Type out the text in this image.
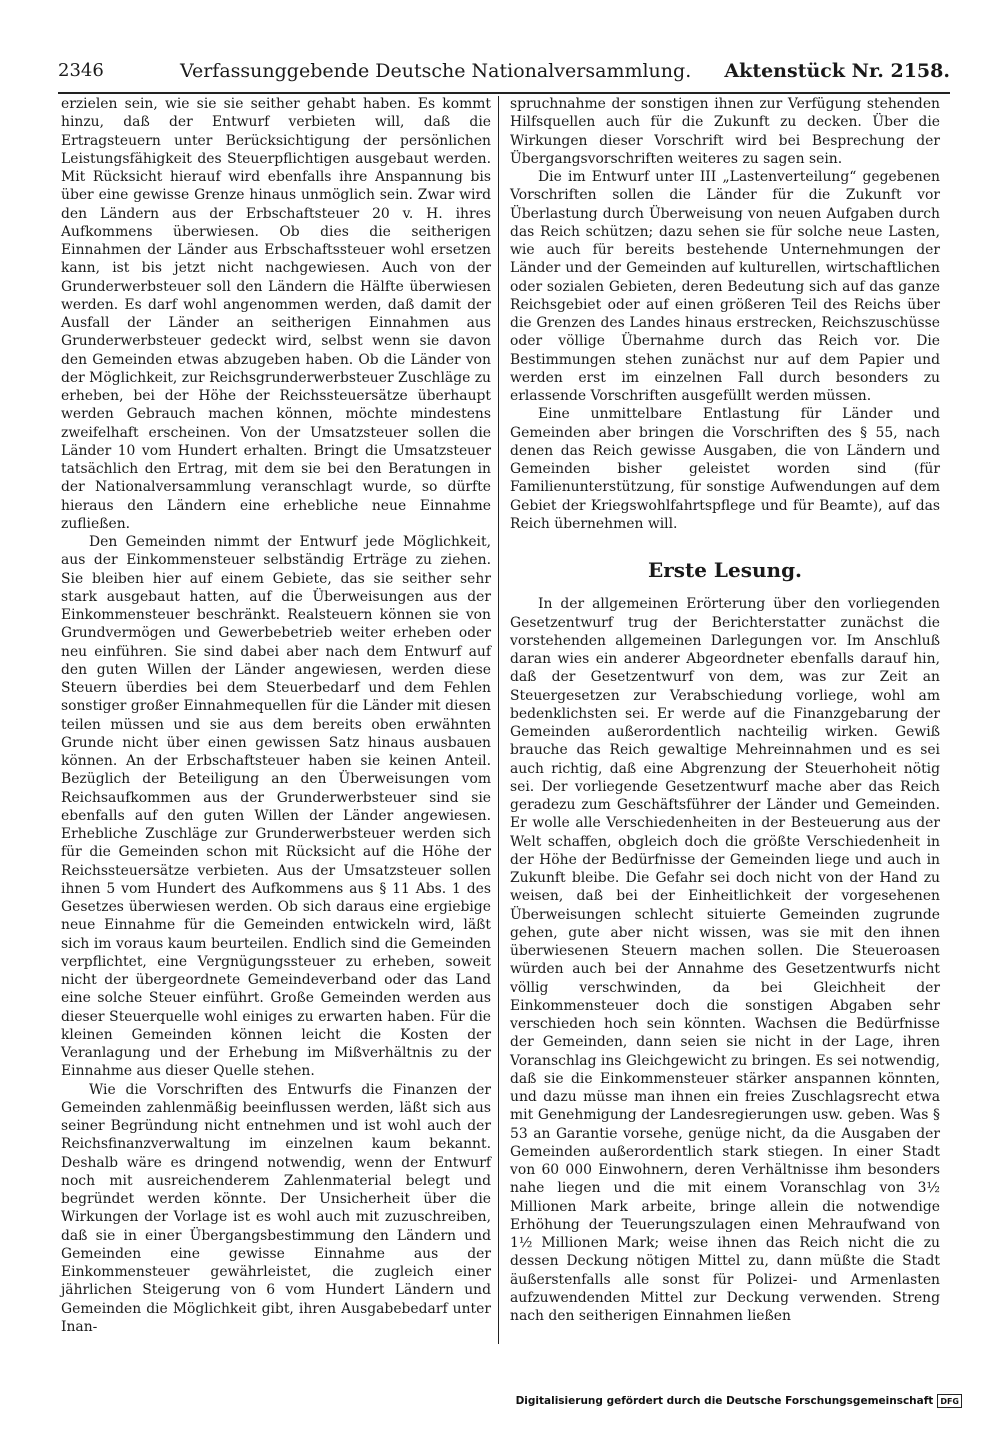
2346	Verfassunggebende Deutsche Nationalversammlung. Aktenstück Nr. 2158.

erzielen sein, wie sie sie seither gehabt haben. Es kommt hinzu, daß der Entwurf verbieten will, daß die Ertragsteuern unter Berücksichtigung der persönlichen Leistungsfähigkeit des Steuerpflichtigen ausgebaut werden. Mit Rücksicht hierauf wird ebenfalls ihre Anspannung bis über eine gewisse Grenze hinaus unmöglich sein. Zwar wird den Ländern aus der Erbschaftsteuer 20 v. H. ihres Aufkommens überwiesen. Ob dies die seitherigen Einnahmen der Länder aus Erbschaftssteuer wohl ersetzen kann, ist bis jetzt nicht nachgewiesen. Auch von der Grunderwerbsteuer soll den Ländern die Hälfte überwiesen werden. Es darf wohl angenommen werden, daß damit der Ausfall der Länder an seitherigen Einnahmen aus Grunderwerbsteuer gedeckt wird, selbst wenn sie davon den Gemeinden etwas abzugeben haben. Ob die Länder von der Möglichkeit, zur Reichsgrunderwerbsteuer Zuschläge zu erheben, bei der Höhe der Reichssteuersätze überhaupt werden Gebrauch machen können, möchte mindestens zweifelhaft erscheinen. Von der Umsatzsteuer sollen die Länder 10 vom Hundert erhalten. Bringt die Umsatzsteuer tatsächlich den Ertrag, mit dem sie bei den Beratungen in der Nationalversammlung veranschlagt wurde, so dürfte hieraus den Ländern eine erhebliche neue Einnahme zufließen.

Den Gemeinden nimmt der Entwurf jede Möglichkeit, aus der Einkommensteuer selbständig Erträge zu ziehen. Sie bleiben hier auf einem Gebiete, das sie seither sehr stark ausgebaut hatten, auf die Überweisungen aus der Einkommensteuer beschränkt. Realsteuern können sie von Grundvermögen und Gewerbebetrieb weiter erheben oder neu einführen. Sie sind dabei aber nach dem Entwurf auf den guten Willen der Länder angewiesen, werden diese Steuern überdies bei dem Steuerbedarf und dem Fehlen sonstiger großer Einnahmequellen für die Länder mit diesen teilen müssen und sie aus dem bereits oben erwähnten Grunde nicht über einen gewissen Satz hinaus ausbauen können. An der Erbschaftsteuer haben sie keinen Anteil. Bezüglich der Beteiligung an den Überweisungen vom Reichsaufkommen aus der Grunderwerbsteuer sind sie ebenfalls auf den guten Willen der Länder angewiesen. Erhebliche Zuschläge zur Grunderwerbsteuer werden sich für die Gemeinden schon mit Rücksicht auf die Höhe der Reichssteuersätze verbieten. Aus der Umsatzsteuer sollen ihnen 5 vom Hundert des Aufkommens aus § 11 Abs. 1 des Gesetzes überwiesen werden. Ob sich daraus eine ergiebige neue Einnahme für die Gemeinden entwickeln wird, läßt sich im voraus kaum beurteilen. Endlich sind die Gemeinden verpflichtet, eine Vergnügungssteuer zu erheben, soweit nicht der übergeordnete Gemeindeverband oder das Land eine solche Steuer einführt. Große Gemeinden werden aus dieser Steuerquelle wohl einiges zu erwarten haben. Für die kleinen Gemeinden können leicht die Kosten der Veranlagung und der Erhebung im Mißverhältnis zu der Einnahme aus dieser Quelle stehen.

Wie die Vorschriften des Entwurfs die Finanzen der Gemeinden zahlenmäßig beeinflussen werden, läßt sich aus seiner Begründung nicht entnehmen und ist wohl auch der Reichsfinanzverwaltung im einzelnen kaum bekannt. Deshalb wäre es dringend notwendig, wenn der Entwurf noch mit ausreichenderem Zahlenmaterial belegt und begründet werden könnte. Der Unsicherheit über die Wirkungen der Vorlage ist es wohl auch mit zuzuschreiben, daß sie in einer Übergangsbestimmung den Ländern und Gemeinden eine gewisse Einnahme aus der Einkommensteuer gewährleistet, die zugleich einer jährlichen Steigerung von 6 vom Hundert Ländern und Gemeinden die Möglichkeit gibt, ihren Ausgabebedarf unter Inan-

spruchnahme der sonstigen ihnen zur Verfügung stehenden Hilfsquellen auch für die Zukunft zu decken. Über die Wirkungen dieser Vorschrift wird bei Besprechung der Übergangsvorschriften weiteres zu sagen sein.

Die im Entwurf unter III „Lastenverteilung“ gegebenen Vorschriften sollen die Länder für die Zukunft vor Überlastung durch Überweisung von neuen Aufgaben durch das Reich schützen; dazu sehen sie für solche neue Lasten, wie auch für bereits bestehende Unternehmungen der Länder und der Gemeinden auf kulturellen, wirtschaftlichen oder sozialen Gebieten, deren Bedeutung sich auf das ganze Reichsgebiet oder auf einen größeren Teil des Reichs über die Grenzen des Landes hinaus erstrecken, Reichszuschüsse oder völlige Übernahme durch das Reich vor. Die Bestimmungen stehen zunächst nur auf dem Papier und werden erst im einzelnen Fall durch besonders zu erlassende Vorschriften ausgefüllt werden müssen.

Eine unmittelbare Entlastung für Länder und Gemeinden aber bringen die Vorschriften des § 55, nach denen das Reich gewisse Ausgaben, die von Ländern und Gemeinden bisher geleistet worden sind (für Familienunterstützung, für sonstige Aufwendungen auf dem Gebiet der Kriegswohlfahrtspflege und für Beamte), auf das Reich übernehmen will.

Erste Lesung.

In der allgemeinen Erörterung über den vorliegenden Gesetzentwurf trug der Berichterstatter zunächst die vorstehenden allgemeinen Darlegungen vor. Im Anschluß daran wies ein anderer Abgeordneter ebenfalls darauf hin, daß der Gesetzentwurf von dem, was zur Zeit an Steuergesetzen zur Verabschiedung vorliege, wohl am bedenklichsten sei. Er werde auf die Finanzgebarung der Gemeinden außerordentlich nachteilig wirken. Gewiß brauche das Reich gewaltige Mehreinnahmen und es sei auch richtig, daß eine Abgrenzung der Steuerhoheit nötig sei. Der vorliegende Gesetzentwurf mache aber das Reich geradezu zum Geschäftsführer der Länder und Gemeinden. Er wolle alle Verschiedenheiten in der Besteuerung aus der Welt schaffen, obgleich doch die größte Verschiedenheit in der Höhe der Bedürfnisse der Gemeinden liege und auch in Zukunft bleibe. Die Gefahr sei doch nicht von der Hand zu weisen, daß bei der Einheitlichkeit der vorgesehenen Überweisungen schlecht situierte Gemeinden zugrunde gehen, gute aber nicht wissen, was sie mit den ihnen überwiesenen Steuern machen sollen. Die Steueroasen würden auch bei der Annahme des Gesetzentwurfs nicht völlig verschwinden, da bei Gleichheit der Einkommensteuer doch die sonstigen Abgaben sehr verschieden hoch sein könnten. Wachsen die Bedürfnisse der Gemeinden, dann seien sie nicht in der Lage, ihren Voranschlag ins Gleichgewicht zu bringen. Es sei notwendig, daß sie die Einkommensteuer stärker anspannen könnten, und dazu müsse man ihnen ein freies Zuschlagsrecht etwa mit Genehmigung der Landesregierungen usw. geben. Was § 53 an Garantie vorsehe, genüge nicht, da die Ausgaben der Gemeinden außerordentlich stark stiegen. In einer Stadt von 60 000 Einwohnern, deren Verhältnisse ihm besonders nahe liegen und die mit einem Voranschlag von 3½ Millionen Mark arbeite, bringe allein die notwendige Erhöhung der Teuerungszulagen einen Mehraufwand von 1½ Millionen Mark; weise ihnen das Reich nicht die zu dessen Deckung nötigen Mittel zu, dann müßte die Stadt äußerstenfalls alle sonst für Polizei- und Armenlasten aufzuwendenden Mittel zur Deckung verwenden. Streng nach den seitherigen Einnahmen ließen

Digitalisierung gefördert durch die Deutsche Forschungsgemeinschaft DFG
